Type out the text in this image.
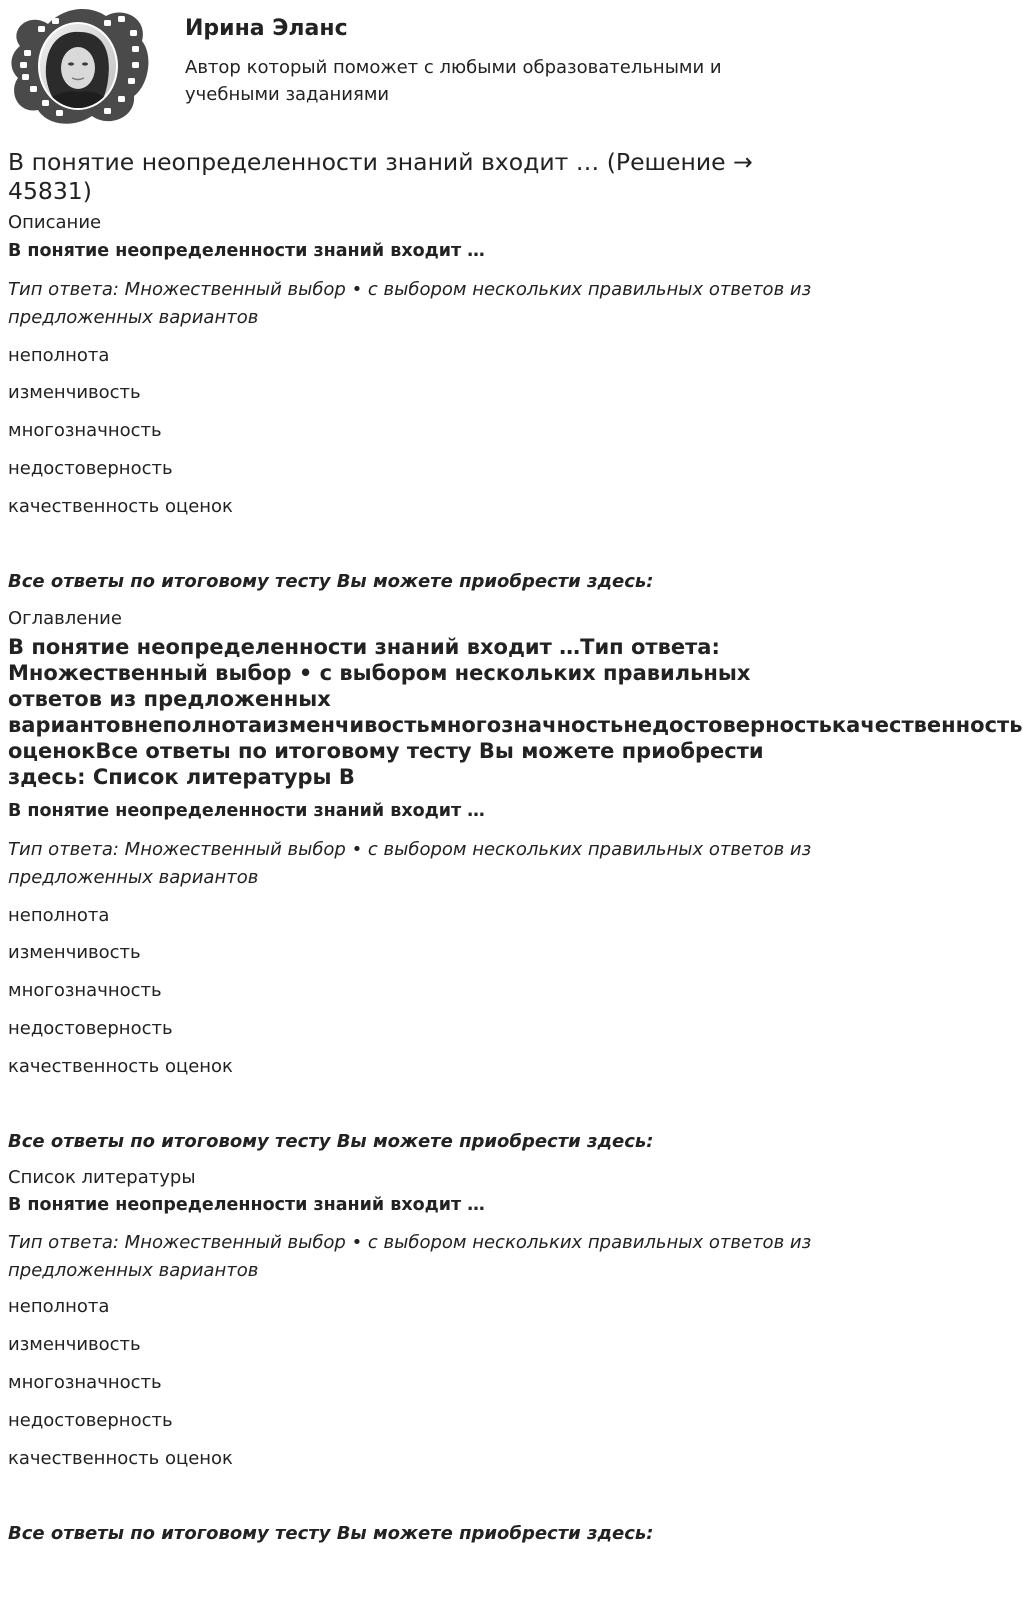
Ирина Эланс
Автор который поможет с любыми образовательными и учебными заданиями
В понятие неопределенности знаний входит … (Решение → 45831)
Описание
В понятие неопределенности знаний входит …
Тип ответа: Множественный выбор • с выбором нескольких правильных ответов из предложенных вариантов
неполнота
изменчивость
многозначность
недостоверность
качественность оценок
Все ответы по итоговому тесту Вы можете приобрести здесь:
Оглавление
В понятие неопределенности знаний входит …Тип ответа:
Множественный выбор • с выбором нескольких правильных
ответов из предложенных
вариантовнеполнотаизменчивостьмногозначностьнедостоверностькачественность
оценокВсе ответы по итоговому тесту Вы можете приобрести
здесь: Список литературы В
В понятие неопределенности знаний входит …
Тип ответа: Множественный выбор • с выбором нескольких правильных ответов из предложенных вариантов
неполнота
изменчивость
многозначность
недостоверность
качественность оценок
Все ответы по итоговому тесту Вы можете приобрести здесь:
Список литературы
В понятие неопределенности знаний входит …
Тип ответа: Множественный выбор • с выбором нескольких правильных ответов из предложенных вариантов
неполнота
изменчивость
многозначность
недостоверность
качественность оценок
Все ответы по итоговому тесту Вы можете приобрести здесь:
